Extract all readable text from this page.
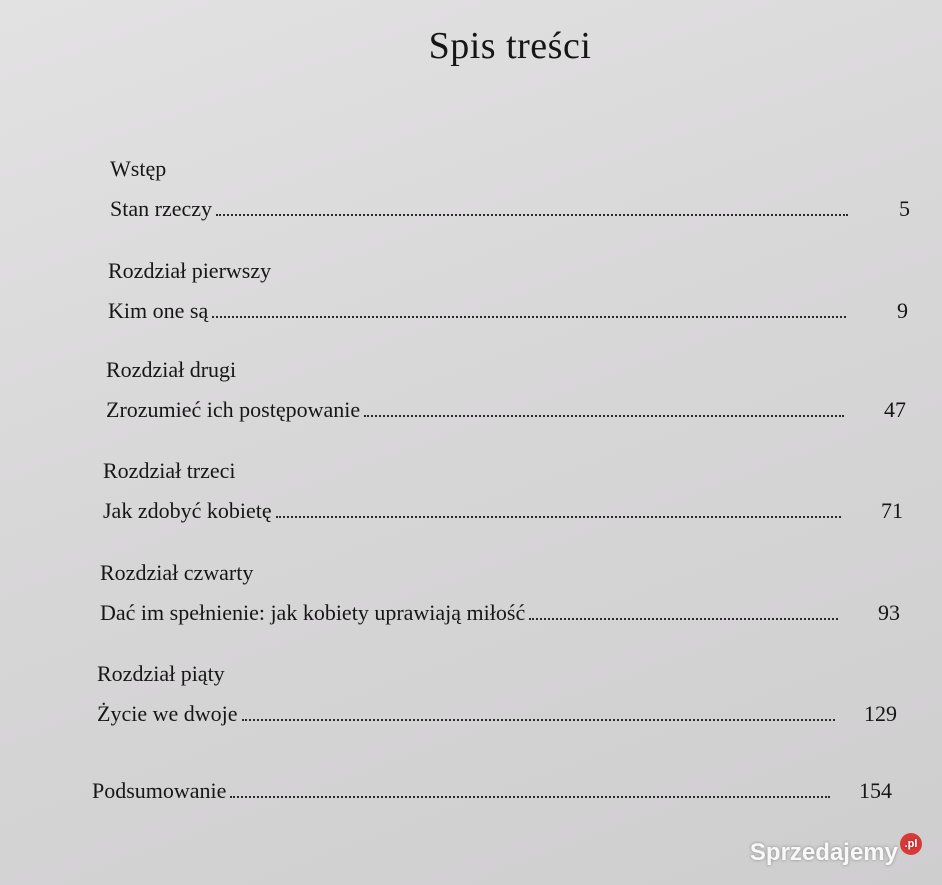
Spis treści
Wstęp
Stan rzeczy	5
Rozdział pierwszy
Kim one są	9
Rozdział drugi
Zrozumieć ich postępowanie	47
Rozdział trzeci
Jak zdobyć kobietę	71
Rozdział czwarty
Dać im spełnienie: jak kobiety uprawiają miłość	93
Rozdział piąty
Życie we dwoje	129
Podsumowanie	154
Sprzedajemy .pl
